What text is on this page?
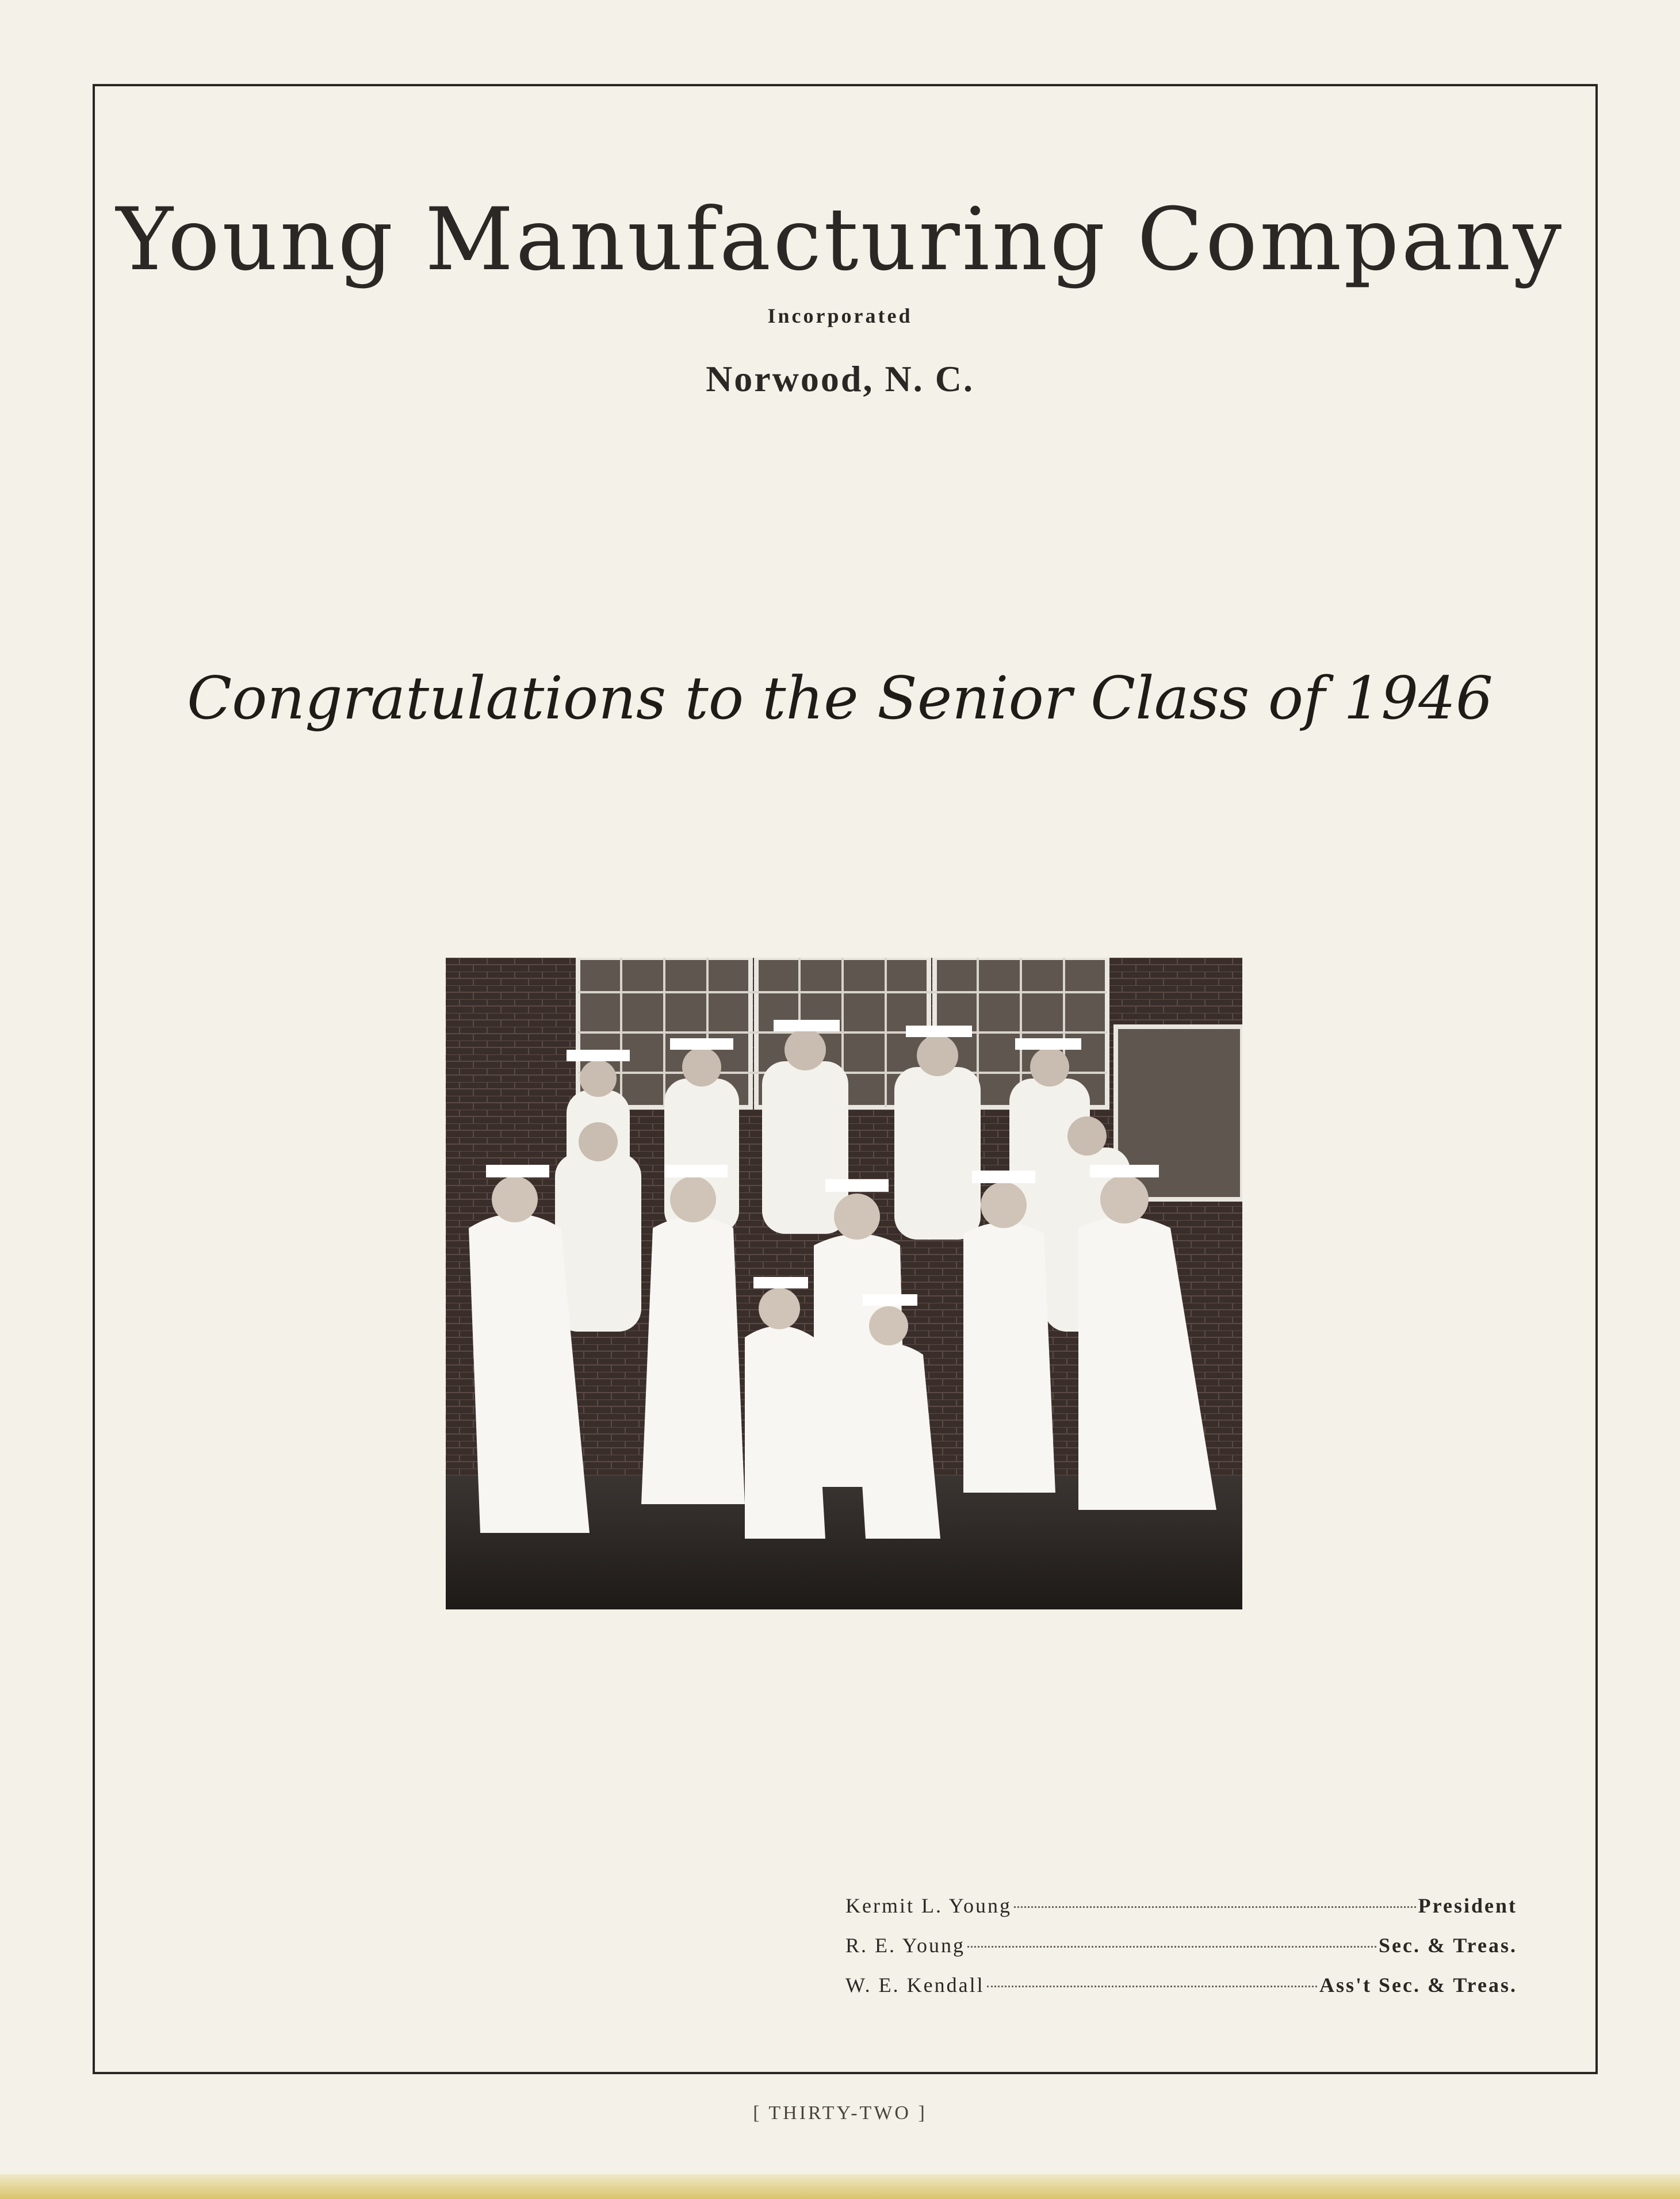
Young Manufacturing Company
Incorporated
Norwood, N. C.
Congratulations to the Senior Class of 1946
Kermit L. Young	President
R. E. Young	Sec. & Treas.
W. E. Kendall	Ass't Sec. & Treas.
[ THIRTY-TWO ]
